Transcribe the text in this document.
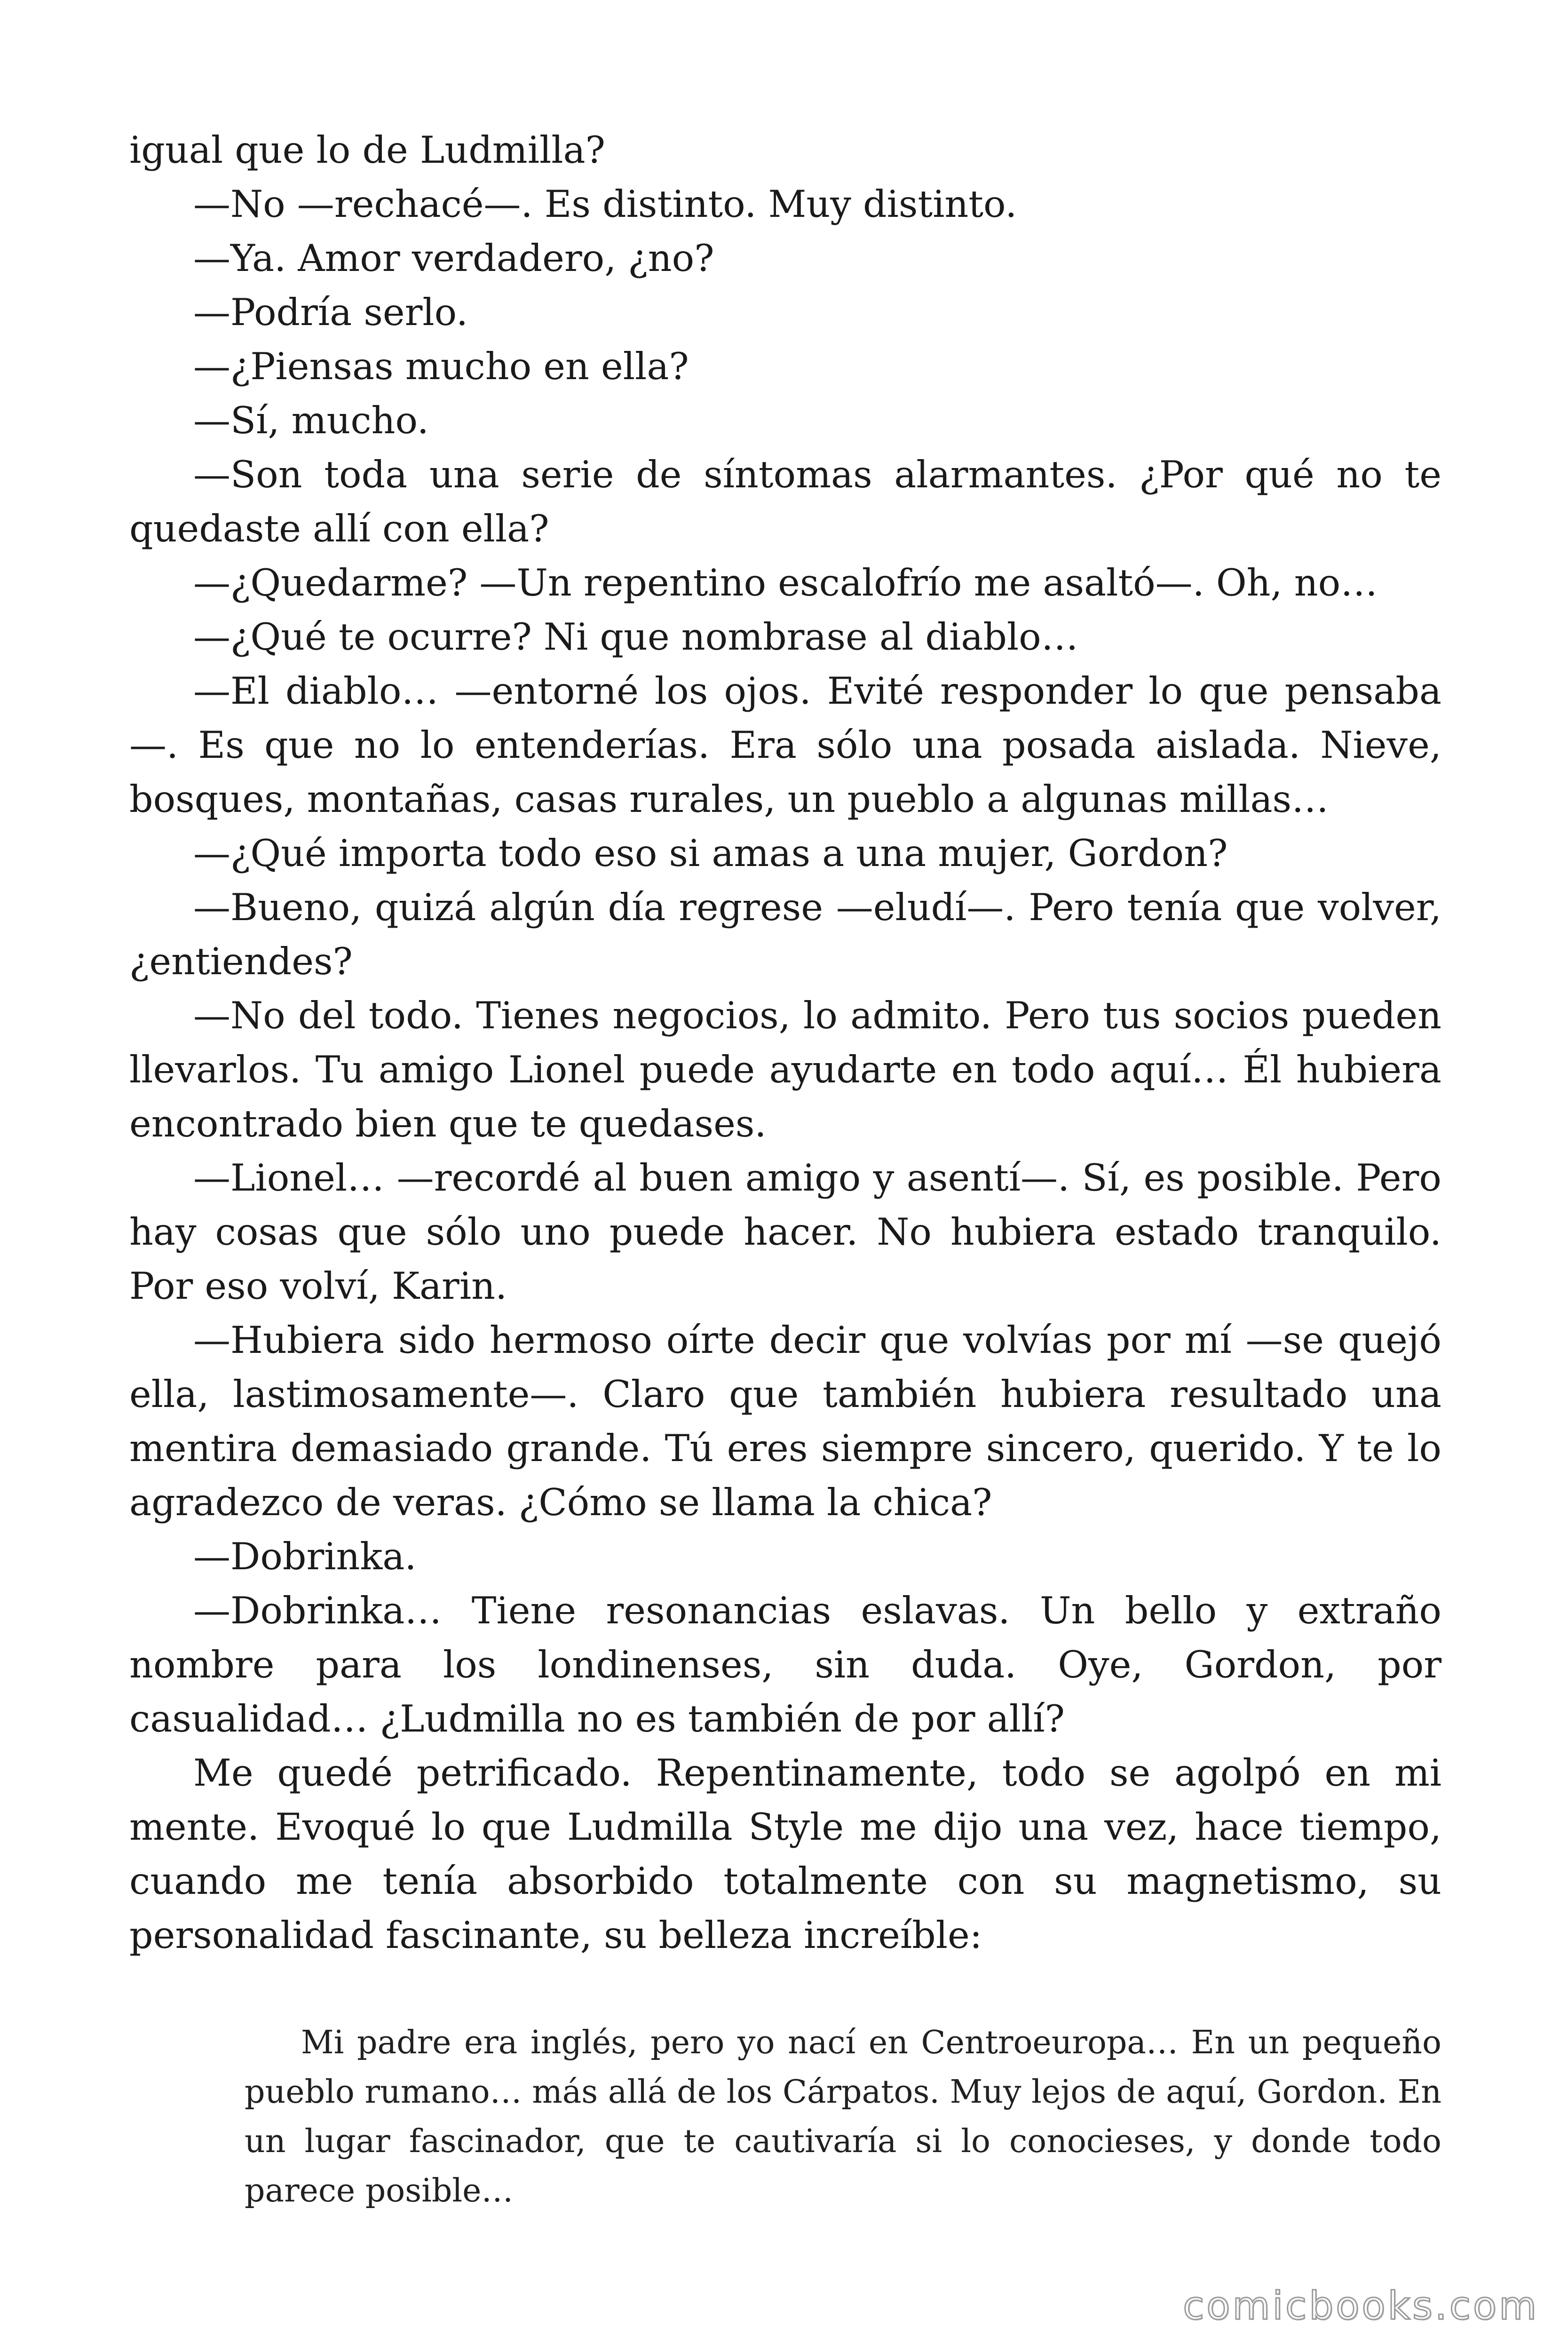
igual que lo de Ludmilla?

—No —rechacé—. Es distinto. Muy distinto.

—Ya. Amor verdadero, ¿no?

—Podría serlo.

—¿Piensas mucho en ella?

—Sí, mucho.

—Son toda una serie de síntomas alarmantes. ¿Por qué no te quedaste allí con ella?

—¿Quedarme? —Un repentino escalofrío me asaltó—. Oh, no…

—¿Qué te ocurre? Ni que nombrase al diablo…

—El diablo… —entorné los ojos. Evité responder lo que pensaba —. Es que no lo entenderías. Era sólo una posada aislada. Nieve, bosques, montañas, casas rurales, un pueblo a algunas millas…

—¿Qué importa todo eso si amas a una mujer, Gordon?

—Bueno, quizá algún día regrese —eludí—. Pero tenía que volver, ¿entiendes?

—No del todo. Tienes negocios, lo admito. Pero tus socios pueden llevarlos. Tu amigo Lionel puede ayudarte en todo aquí… Él hubiera encontrado bien que te quedases.

—Lionel… —recordé al buen amigo y asentí—. Sí, es posible. Pero hay cosas que sólo uno puede hacer. No hubiera estado tranquilo. Por eso volví, Karin.

—Hubiera sido hermoso oírte decir que volvías por mí —se quejó ella, lastimosamente—. Claro que también hubiera resultado una mentira demasiado grande. Tú eres siempre sincero, querido. Y te lo agradezco de veras. ¿Cómo se llama la chica?

—Dobrinka.

—Dobrinka… Tiene resonancias eslavas. Un bello y extraño nombre para los londinenses, sin duda. Oye, Gordon, por casualidad… ¿Ludmilla no es también de por allí?

Me quedé petrificado. Repentinamente, todo se agolpó en mi mente. Evoqué lo que Ludmilla Style me dijo una vez, hace tiempo, cuando me tenía absorbido totalmente con su magnetismo, su personalidad fascinante, su belleza increíble:

Mi padre era inglés, pero yo nací en Centroeuropa… En un pequeño pueblo rumano… más allá de los Cárpatos. Muy lejos de aquí, Gordon. En un lugar fascinador, que te cautivaría si lo conocieses, y donde todo parece posible…

comicbooks.com
